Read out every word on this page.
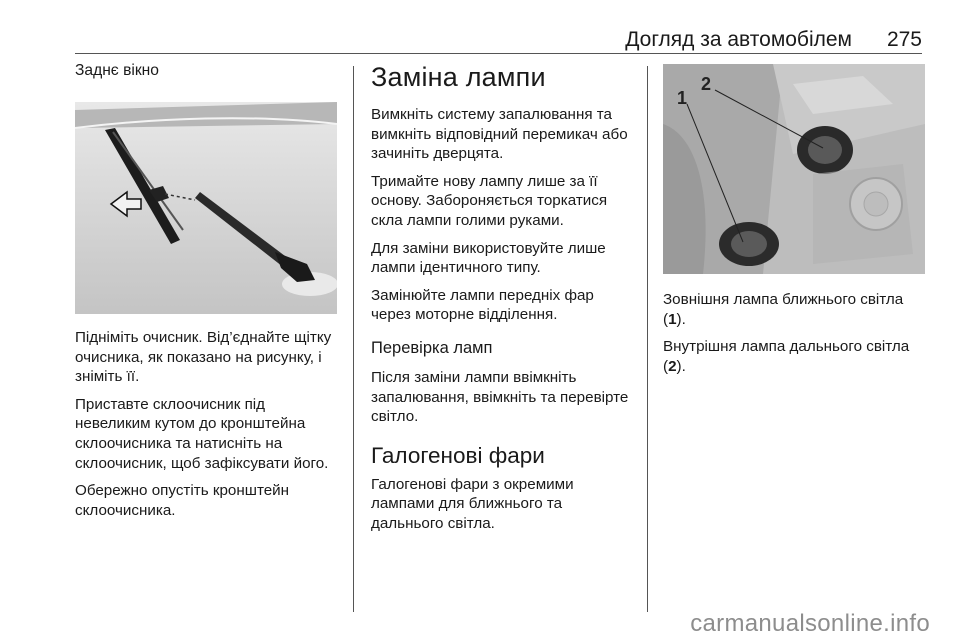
Догляд за автомобілем 275
Заднє вікно

Підніміть очисник. Від’єднайте щітку очисника, як показано на рисунку, і зніміть її.

Приставте склоочисник під невеликим кутом до кронштейна склоочисника та натисніть на склоочисник, щоб зафіксувати його.

Обережно опустіть кронштейн склоочисника.

Заміна лампи

Вимкніть систему запалювання та вимкніть відповідний перемикач або зачиніть дверцята.

Тримайте нову лампу лише за її основу. Забороняється торкатися скла лампи голими руками.

Для заміни використовуйте лише лампи ідентичного типу.

Замінюйте лампи передніх фар через моторне відділення.

Перевірка ламп

Після заміни лампи ввімкніть запалювання, ввімкніть та перевірте світло.

Галогенові фари

Галогенові фари з окремими лампами для ближнього та дальнього світла.

1
2

Зовнішня лампа ближнього світла (1).

Внутрішня лампа дальнього світла (2).

carmanualsonline.info
